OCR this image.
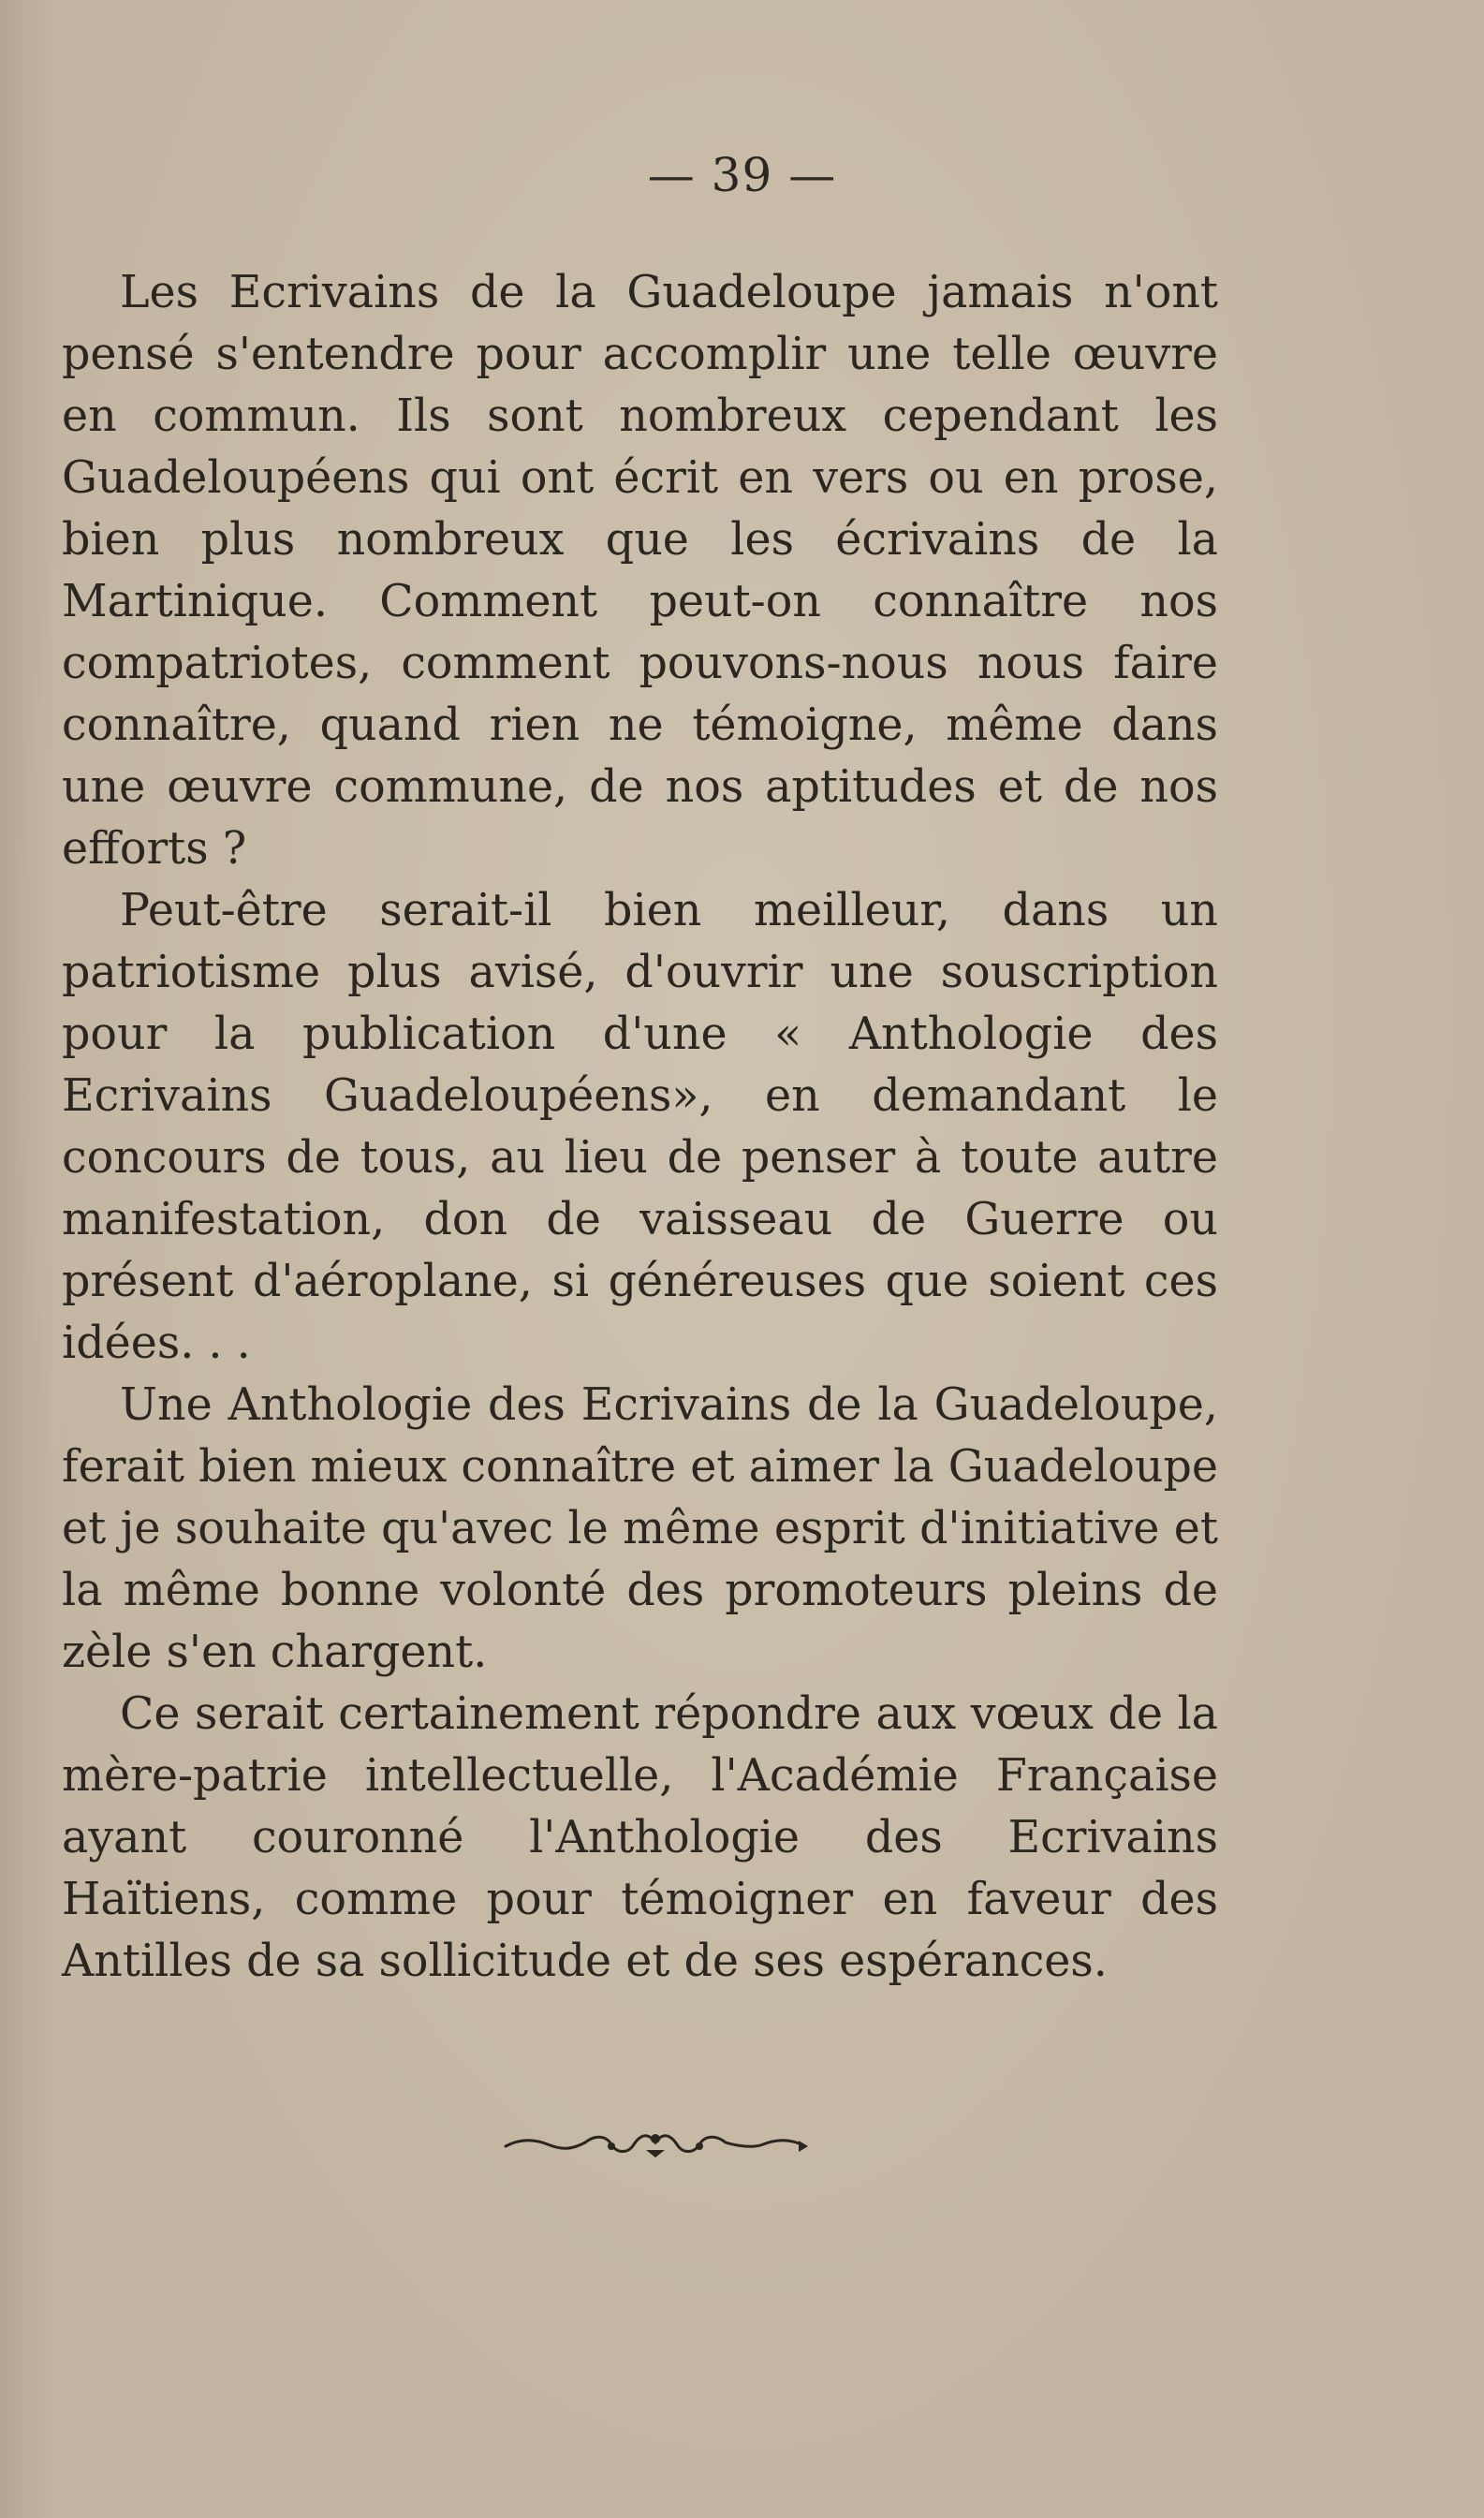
— 39 —

Les Ecrivains de la Guadeloupe jamais n'ont pensé s'entendre pour accomplir une telle œuvre en commun. Ils sont nombreux cependant les Guadeloupéens qui ont écrit en vers ou en prose, bien plus nombreux que les écrivains de la Martinique. Comment peut-on connaître nos compatriotes, comment pouvons-nous nous faire connaître, quand rien ne témoigne, même dans une œuvre commune, de nos aptitudes et de nos efforts ?

Peut-être serait-il bien meilleur, dans un patriotisme plus avisé, d'ouvrir une souscription pour la publication d'une « Anthologie des Ecrivains Guadeloupéens», en demandant le concours de tous, au lieu de penser à toute autre manifestation, don de vaisseau de Guerre ou présent d'aéroplane, si généreuses que soient ces idées. . .

Une Anthologie des Ecrivains de la Guadeloupe, ferait bien mieux connaître et aimer la Guadeloupe et je souhaite qu'avec le même esprit d'initiative et la même bonne volonté des promoteurs pleins de zèle s'en chargent.

Ce serait certainement répondre aux vœux de la mère-patrie intellectuelle, l'Académie Française ayant couronné l'Anthologie des Ecrivains Haïtiens, comme pour témoigner en faveur des Antilles de sa sollicitude et de ses espérances.
